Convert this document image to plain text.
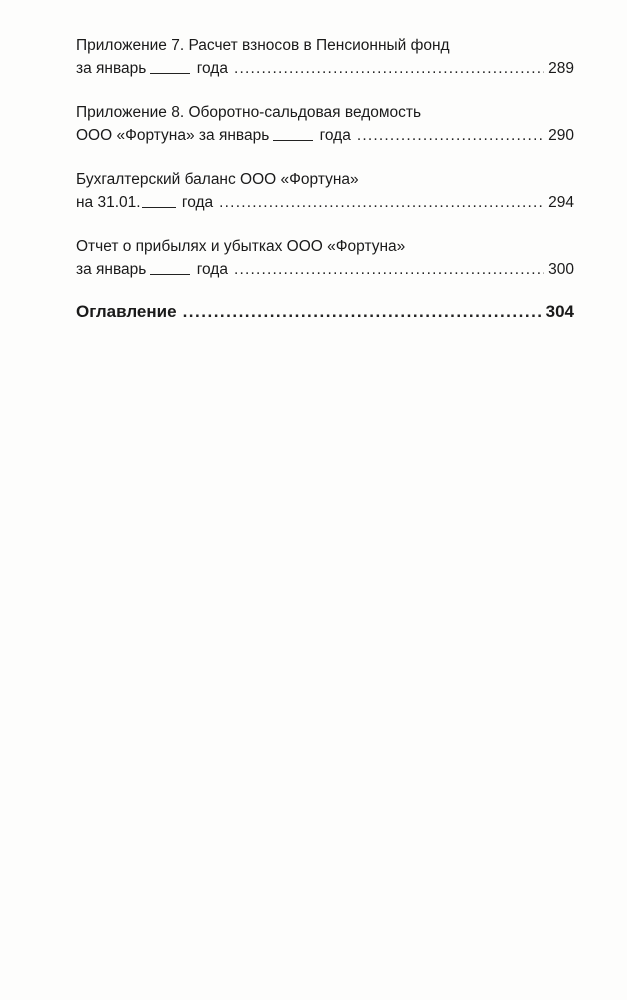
Приложение 7. Расчет взносов в Пенсионный фонд
за январь	года .....	289
Приложение 8. Оборотно-сальдовая ведомость
ООО «Фортуна» за январь	года .....	290
Бухгалтерский баланс ООО «Фортуна»
на 31.01.	года .....	294
Отчет о прибылях и убытках ООО «Фортуна»
за январь	года .....	300
Оглавление .....	304
